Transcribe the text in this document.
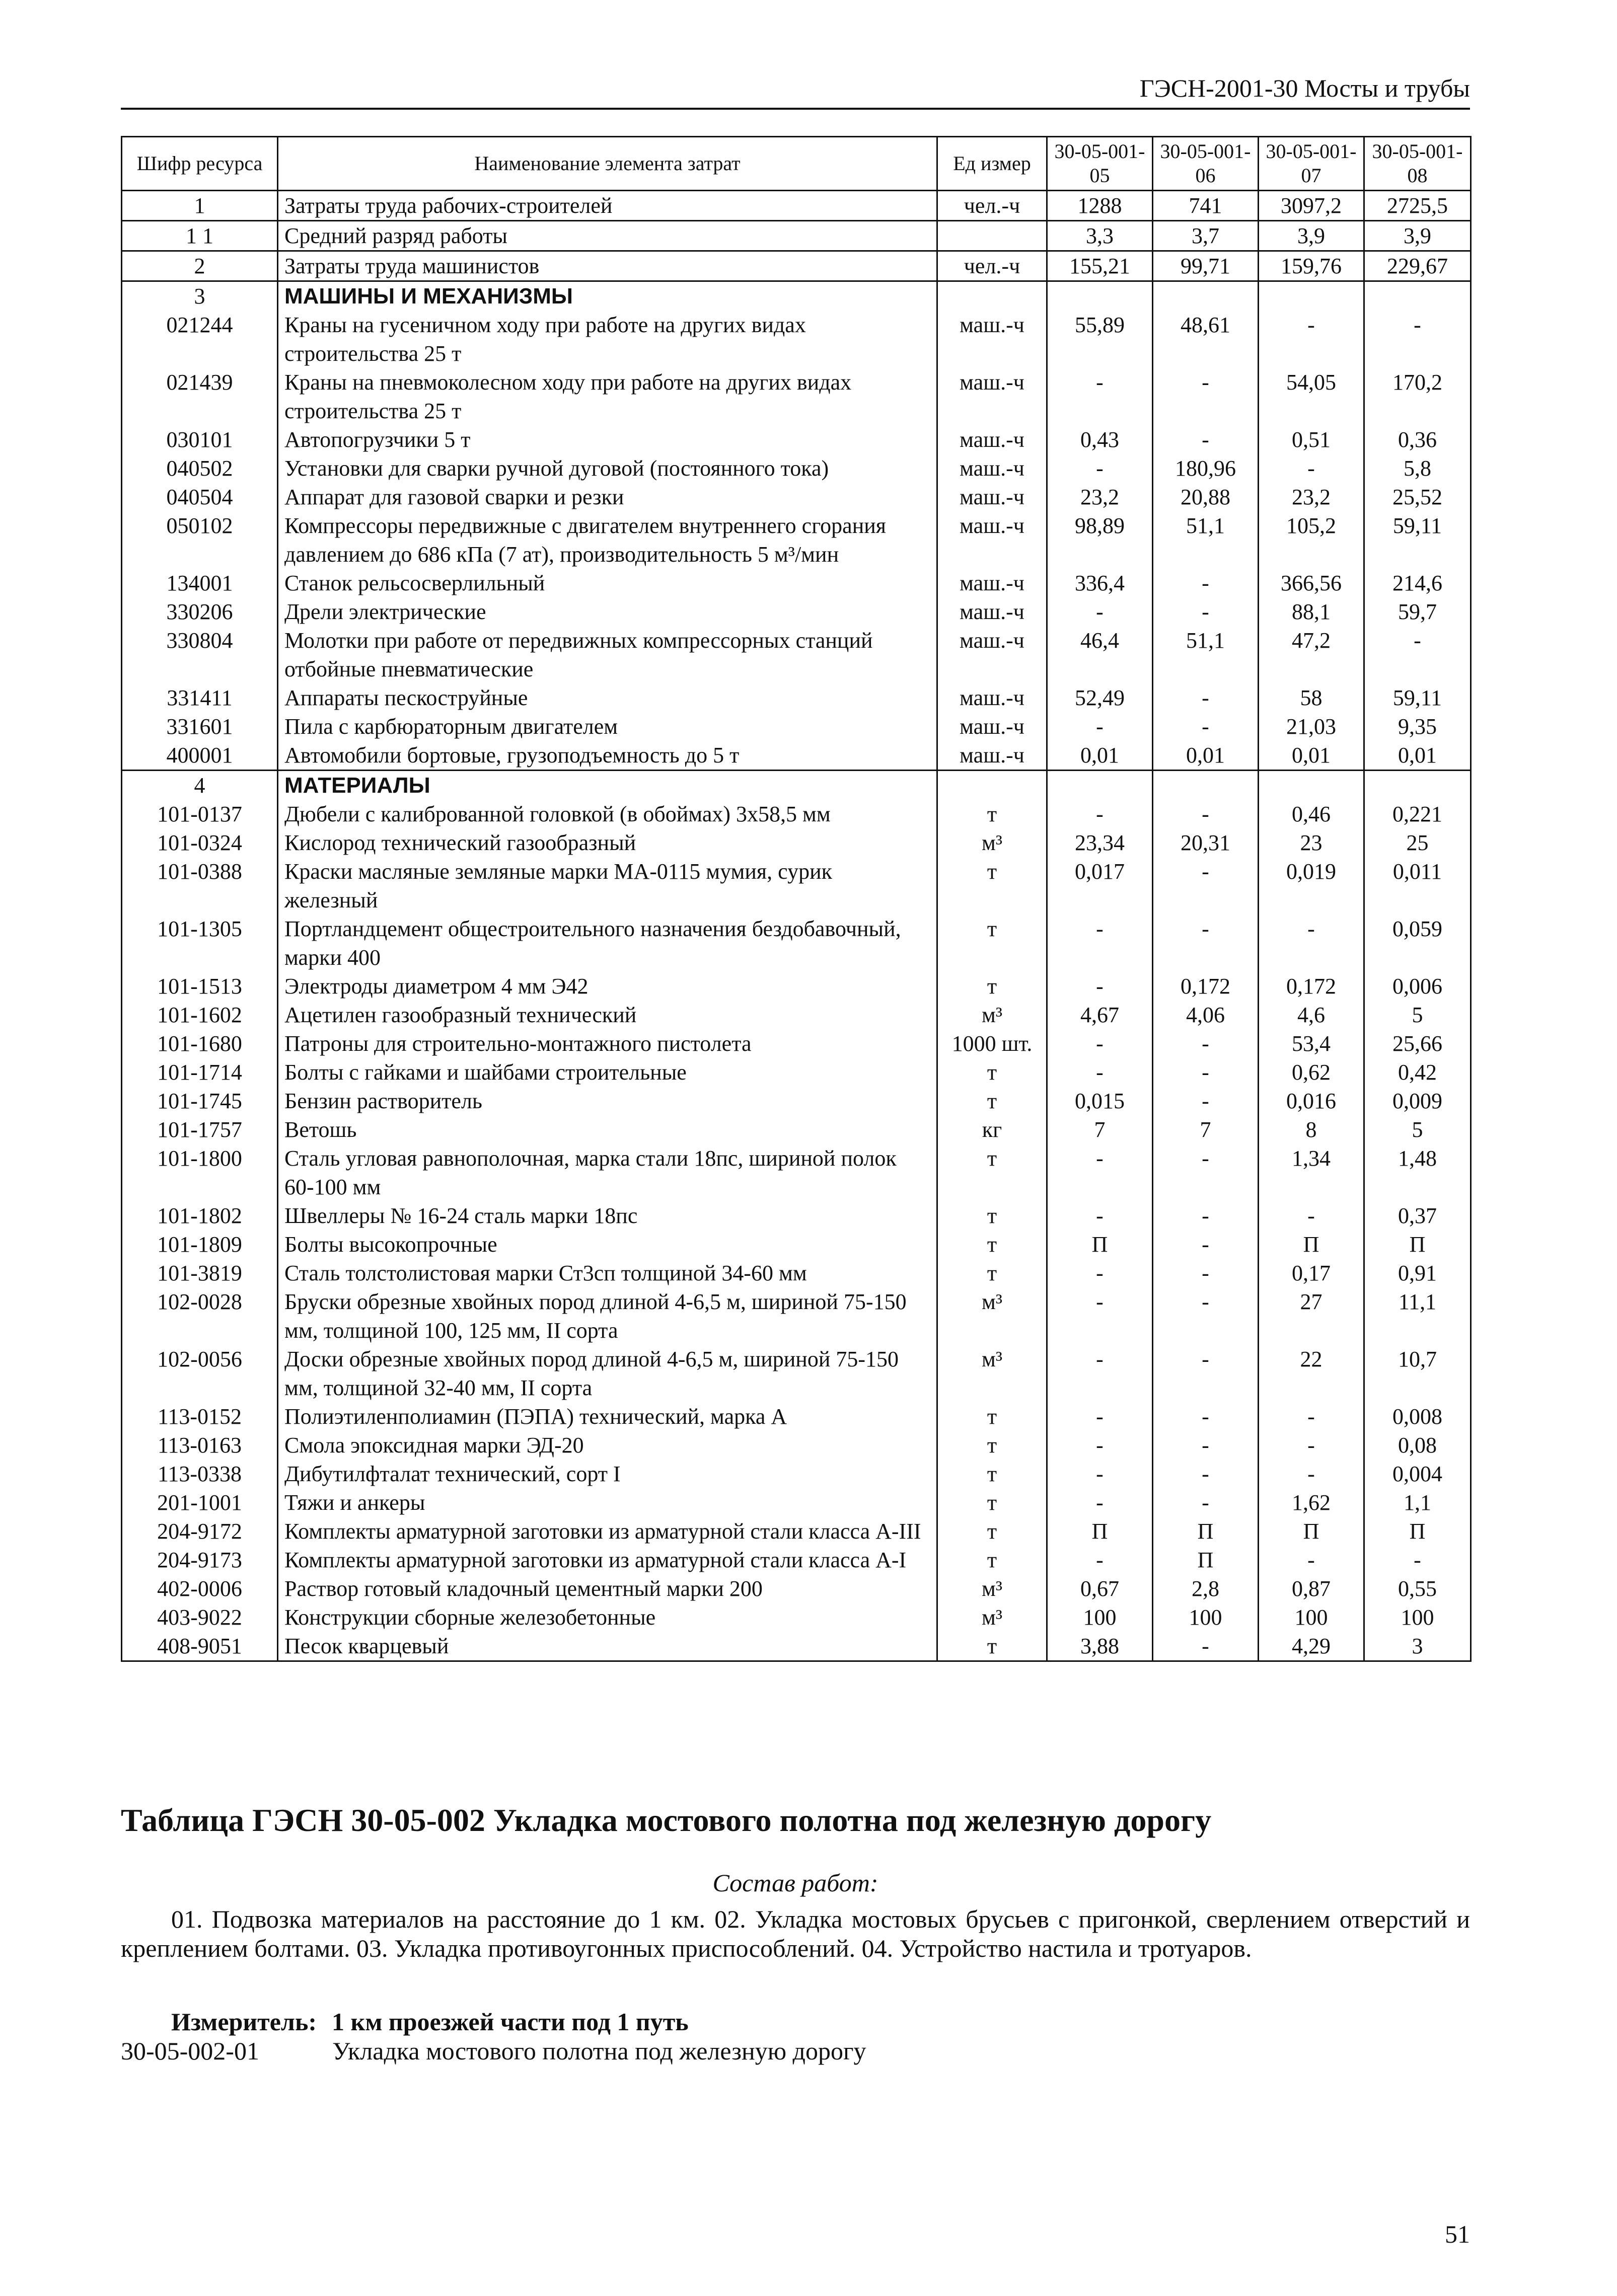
ГЭСН-2001-30 Мосты и трубы
Шифр ресурса	Наименование элемента затрат	Ед измер	30-05-001-05	30-05-001-06	30-05-001-07	30-05-001-08
1	Затраты труда рабочих-строителей	чел.-ч	1288	741	3097,2	2725,5
1 1	Средний разряд работы		3,3	3,7	3,9	3,9
2	Затраты труда машинистов	чел.-ч	155,21	99,71	159,76	229,67
3	МАШИНЫ И МЕХАНИЗМЫ					
021244	Краны на гусеничном ходу при работе на других видах строительства 25 т	маш.-ч	55,89	48,61	-	-
021439	Краны на пневмоколесном ходу при работе на других видах строительства 25 т	маш.-ч	-	-	54,05	170,2
030101	Автопогрузчики 5 т	маш.-ч	0,43	-	0,51	0,36
040502	Установки для сварки ручной дуговой (постоянного тока)	маш.-ч	-	180,96	-	5,8
040504	Аппарат для газовой сварки и резки	маш.-ч	23,2	20,88	23,2	25,52
050102	Компрессоры передвижные с двигателем внутреннего сгорания давлением до 686 кПа (7 ат), производительность 5 м³/мин	маш.-ч	98,89	51,1	105,2	59,11
134001	Станок рельсосверлильный	маш.-ч	336,4	-	366,56	214,6
330206	Дрели электрические	маш.-ч	-	-	88,1	59,7
330804	Молотки при работе от передвижных компрессорных станций отбойные пневматические	маш.-ч	46,4	51,1	47,2	-
331411	Аппараты пескоструйные	маш.-ч	52,49	-	58	59,11
331601	Пила с карбюраторным двигателем	маш.-ч	-	-	21,03	9,35
400001	Автомобили бортовые, грузоподъемность до 5 т	маш.-ч	0,01	0,01	0,01	0,01
4	МАТЕРИАЛЫ					
101-0137	Дюбели с калиброванной головкой (в обоймах) 3х58,5 мм	т	-	-	0,46	0,221
101-0324	Кислород технический газообразный	м³	23,34	20,31	23	25
101-0388	Краски масляные земляные марки МА-0115 мумия, сурик железный	т	0,017	-	0,019	0,011
101-1305	Портландцемент общестроительного назначения бездобавочный, марки 400	т	-	-	-	0,059
101-1513	Электроды диаметром 4 мм Э42	т	-	0,172	0,172	0,006
101-1602	Ацетилен газообразный технический	м³	4,67	4,06	4,6	5
101-1680	Патроны для строительно-монтажного пистолета	1000 шт.	-	-	53,4	25,66
101-1714	Болты с гайками и шайбами строительные	т	-	-	0,62	0,42
101-1745	Бензин растворитель	т	0,015	-	0,016	0,009
101-1757	Ветошь	кг	7	7	8	5
101-1800	Сталь угловая равнополочная, марка стали 18пс, шириной полок 60-100 мм	т	-	-	1,34	1,48
101-1802	Швеллеры № 16-24 сталь марки 18пс	т	-	-	-	0,37
101-1809	Болты высокопрочные	т	П	-	П	П
101-3819	Сталь толстолистовая марки Ст3сп толщиной 34-60 мм	т	-	-	0,17	0,91
102-0028	Бруски обрезные хвойных пород длиной 4-6,5 м, шириной 75-150 мм, толщиной 100, 125 мм, II сорта	м³	-	-	27	11,1
102-0056	Доски обрезные хвойных пород длиной 4-6,5 м, шириной 75-150 мм, толщиной 32-40 мм, II сорта	м³	-	-	22	10,7
113-0152	Полиэтиленполиамин (ПЭПА) технический, марка А	т	-	-	-	0,008
113-0163	Смола эпоксидная марки ЭД-20	т	-	-	-	0,08
113-0338	Дибутилфталат технический, сорт I	т	-	-	-	0,004
201-1001	Тяжи и анкеры	т	-	-	1,62	1,1
204-9172	Комплекты арматурной заготовки из арматурной стали класса А-III	т	П	П	П	П
204-9173	Комплекты арматурной заготовки из арматурной стали класса А-I	т	-	П	-	-
402-0006	Раствор готовый кладочный цементный марки 200	м³	0,67	2,8	0,87	0,55
403-9022	Конструкции сборные железобетонные	м³	100	100	100	100
408-9051	Песок кварцевый	т	3,88	-	4,29	3
Таблица ГЭСН 30-05-002 Укладка мостового полотна под железную дорогу
Состав работ:
01. Подвозка материалов на расстояние до 1 км. 02. Укладка мостовых брусьев с пригонкой, сверлением отверстий и креплением болтами. 03. Укладка противоугонных приспособлений. 04. Устройство настила и тротуаров.
Измеритель: 1 км проезжей части под 1 путь
30-05-002-01	Укладка мостового полотна под железную дорогу
51
